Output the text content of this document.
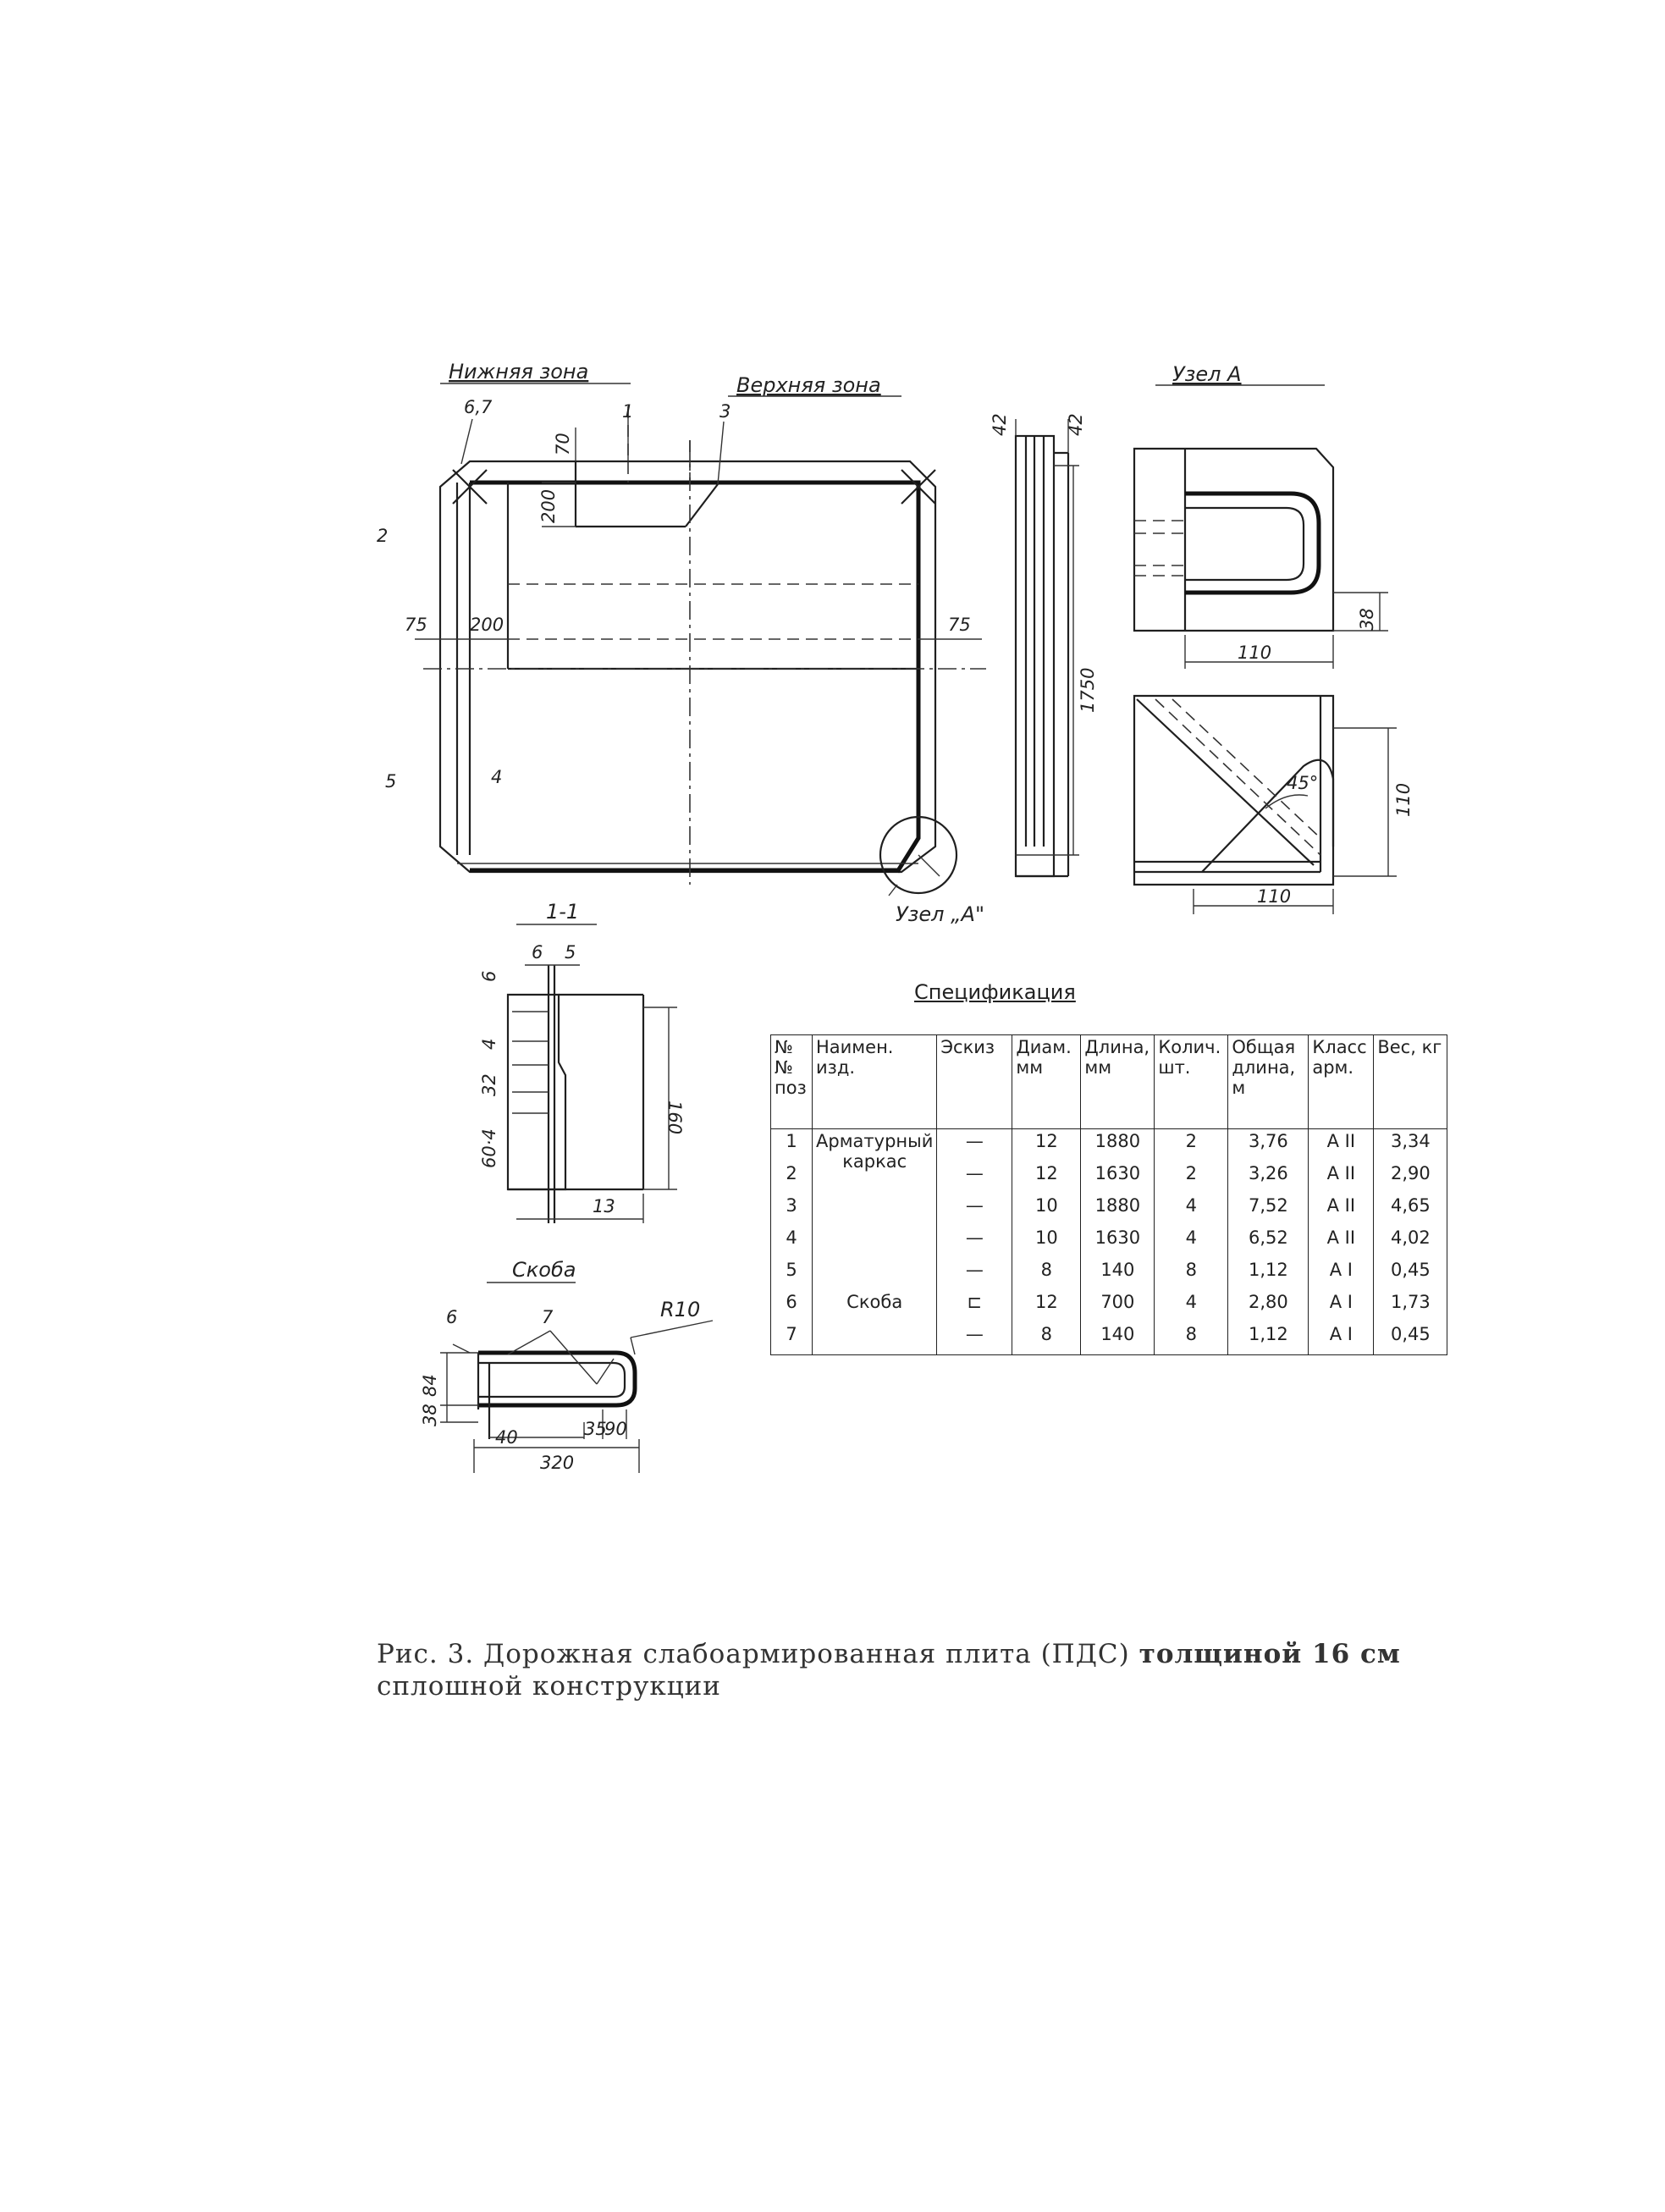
Нижняя зона
Верхняя зона	Узел А
6,7	1	3
2
5	4
70
200
75 200	75
Узел „А"
42	42
1750
38
110
45°	110
110
1-1
6 5
6
4
32
60·4
160
13
Скоба
6	7	R10
84
38
40	35
90
320
Спецификация
№№ поз	Наимен. изд.	Эскиз	Диам. мм	Длина, мм	Колич. шт.	Общая длина, м	Класс арм.	Вес, кг
1	Арматурный каркас	—	12	1880	2	3,76	А II	3,34
2		—	12	1630	2	3,26	А II	2,90
3		—	10	1880	4	7,52	А II	4,65
4		—	10	1630	4	6,52	А II	4,02
5		—	8	140	8	1,12	А I	0,45
6	Скоба	⊏	12	700	4	2,80	А I	1,73
7		—	8	140	8	1,12	А I	0,45
Рис. 3. Дорожная слабоармированная плита (ПДС) толщиной 16 см
сплошной конструкции
